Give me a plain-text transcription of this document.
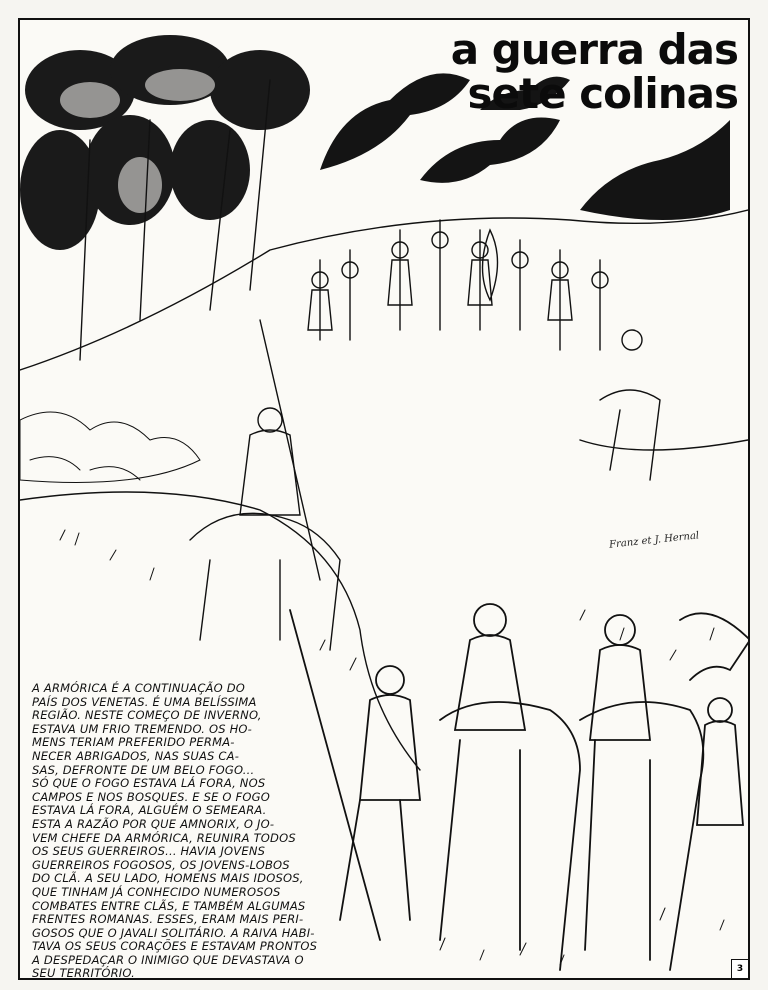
a guerra das
sete colinas
Franz et J. Hernal
A ARMÓRICA É A CONTINUAÇÃO DO
PAÍS DOS VENETAS. É UMA BELÍSSIMA
REGIÃO. NESTE COMEÇO DE INVERNO,
ESTAVA UM FRIO TREMENDO. OS HO-
MENS TERIAM PREFERIDO PERMA-
NECER ABRIGADOS, NAS SUAS CA-
SAS, DEFRONTE DE UM BELO FOGO...
SÓ QUE O FOGO ESTAVA LÁ FORA, NOS
CAMPOS E NOS BOSQUES. E SE O FOGO
ESTAVA LÁ FORA, ALGUÉM O SEMEARA.
ESTA A RAZÃO POR QUE AMNORIX, O JO-
VEM CHEFE DA ARMÓRICA, REUNIRA TODOS
OS SEUS GUERREIROS... HAVIA JOVENS
GUERREIROS FOGOSOS, OS JOVENS-LOBOS
DO CLÃ. A SEU LADO, HOMENS MAIS IDOSOS,
QUE TINHAM JÁ CONHECIDO NUMEROSOS
COMBATES ENTRE CLÃS, E TAMBÉM ALGUMAS
FRENTES ROMANAS. ESSES, ERAM MAIS PERI-
GOSOS QUE O JAVALI SOLITÁRIO. A RAIVA HABI-
TAVA OS SEUS CORAÇÕES E ESTAVAM PRONTOS
A DESPEDAÇAR O INIMIGO QUE DEVASTAVA O
SEU TERRITÓRIO.	3
